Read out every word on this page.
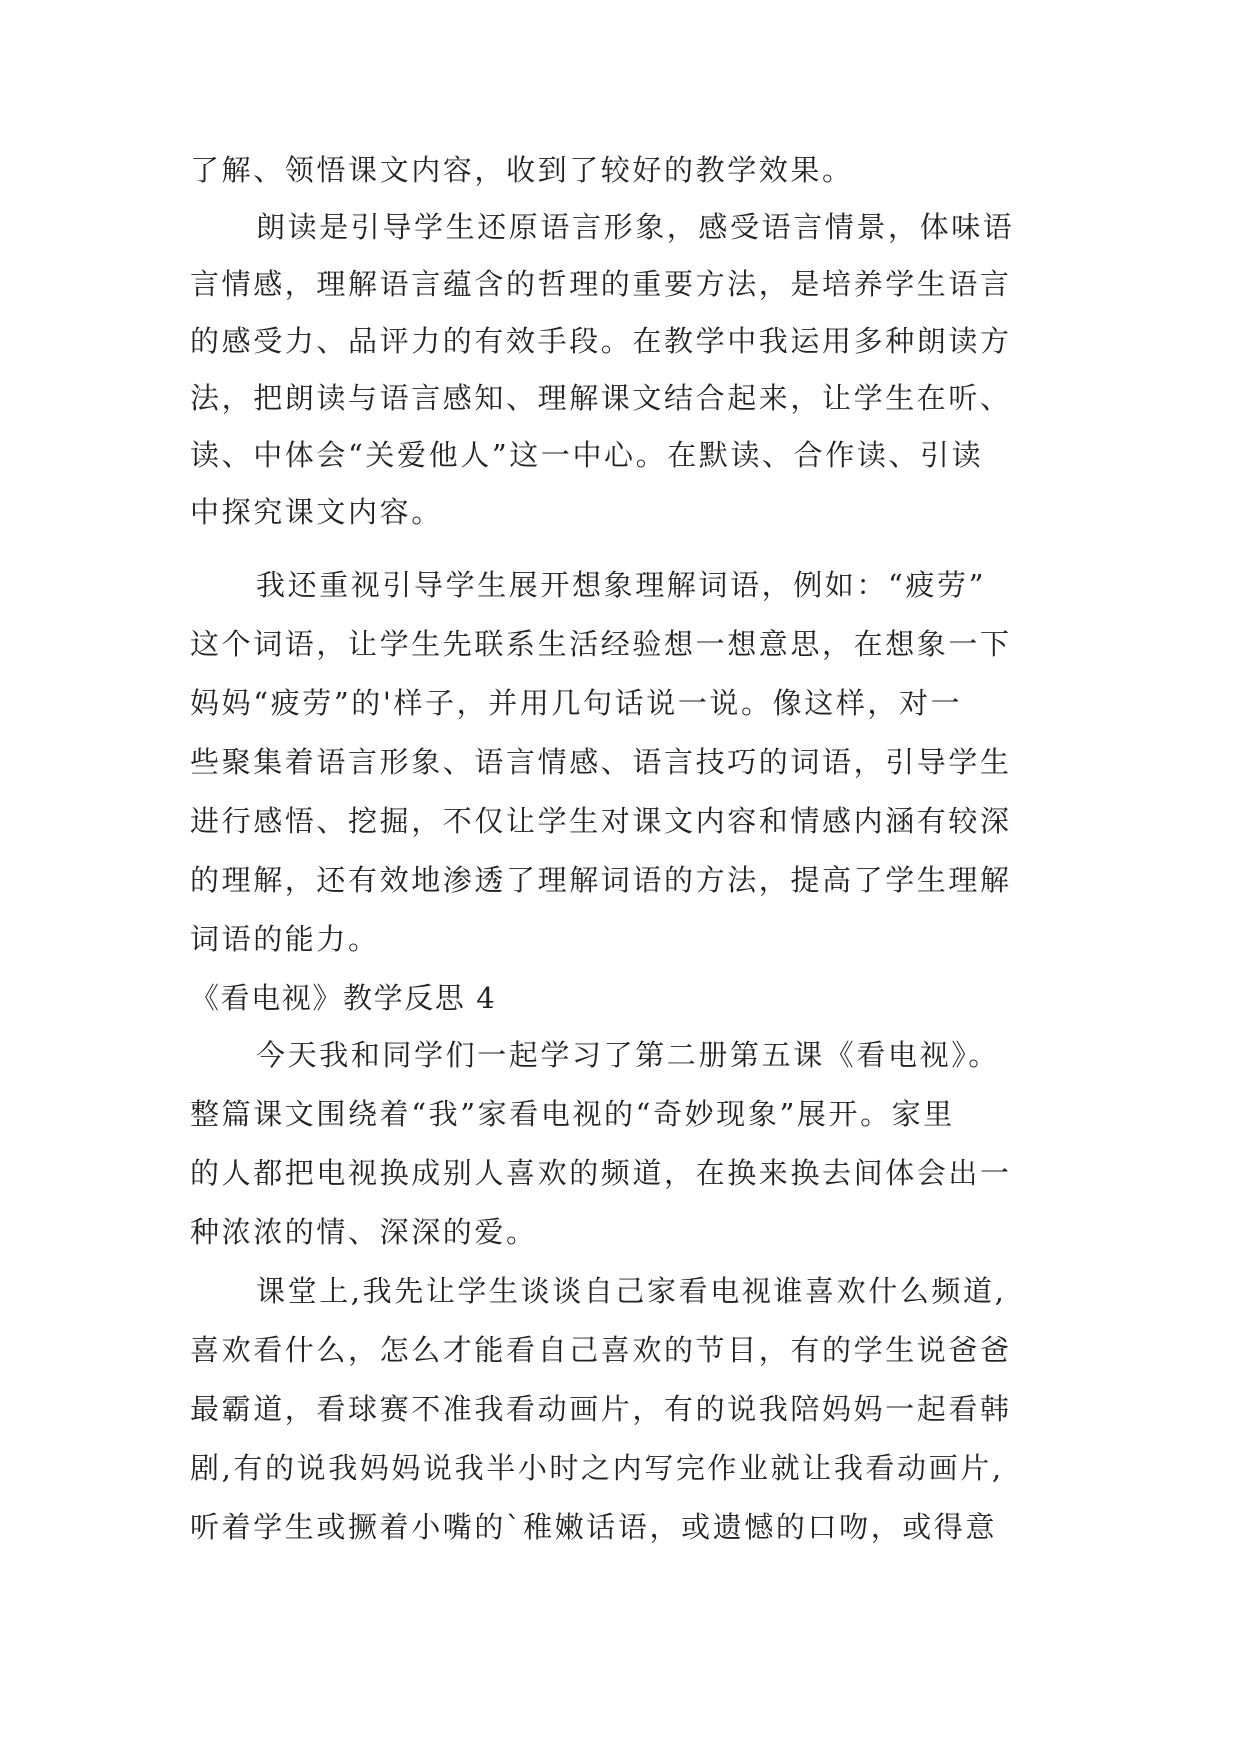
了解、领悟课文内容，收到了较好的教学效果。
朗读是引导学生还原语言形象，感受语言情景，体味语
言情感，理解语言蕴含的哲理的重要方法，是培养学生语言
的感受力、品评力的有效手段。在教学中我运用多种朗读方
法，把朗读与语言感知、理解课文结合起来，让学生在听、
读、中体会“关爱他人”这一中心。在默读、合作读、引读
中探究课文内容。
我还重视引导学生展开想象理解词语，例如：“疲劳”
这个词语，让学生先联系生活经验想一想意思，在想象一下
妈妈“疲劳”的'样子，并用几句话说一说。像这样，对一
些聚集着语言形象、语言情感、语言技巧的词语，引导学生
进行感悟、挖掘，不仅让学生对课文内容和情感内涵有较深
的理解，还有效地渗透了理解词语的方法，提高了学生理解
词语的能力。
《看电视》教学反思 4
今天我和同学们一起学习了第二册第五课《看电视》。
整篇课文围绕着“我”家看电视的“奇妙现象”展开。家里
的人都把电视换成别人喜欢的频道，在换来换去间体会出一
种浓浓的情、深深的爱。
课堂上,我先让学生谈谈自己家看电视谁喜欢什么频道,
喜欢看什么，怎么才能看自己喜欢的节目，有的学生说爸爸
最霸道，看球赛不准我看动画片，有的说我陪妈妈一起看韩
剧,有的说我妈妈说我半小时之内写完作业就让我看动画片,
听着学生或撅着小嘴的`稚嫩话语，或遗憾的口吻，或得意
